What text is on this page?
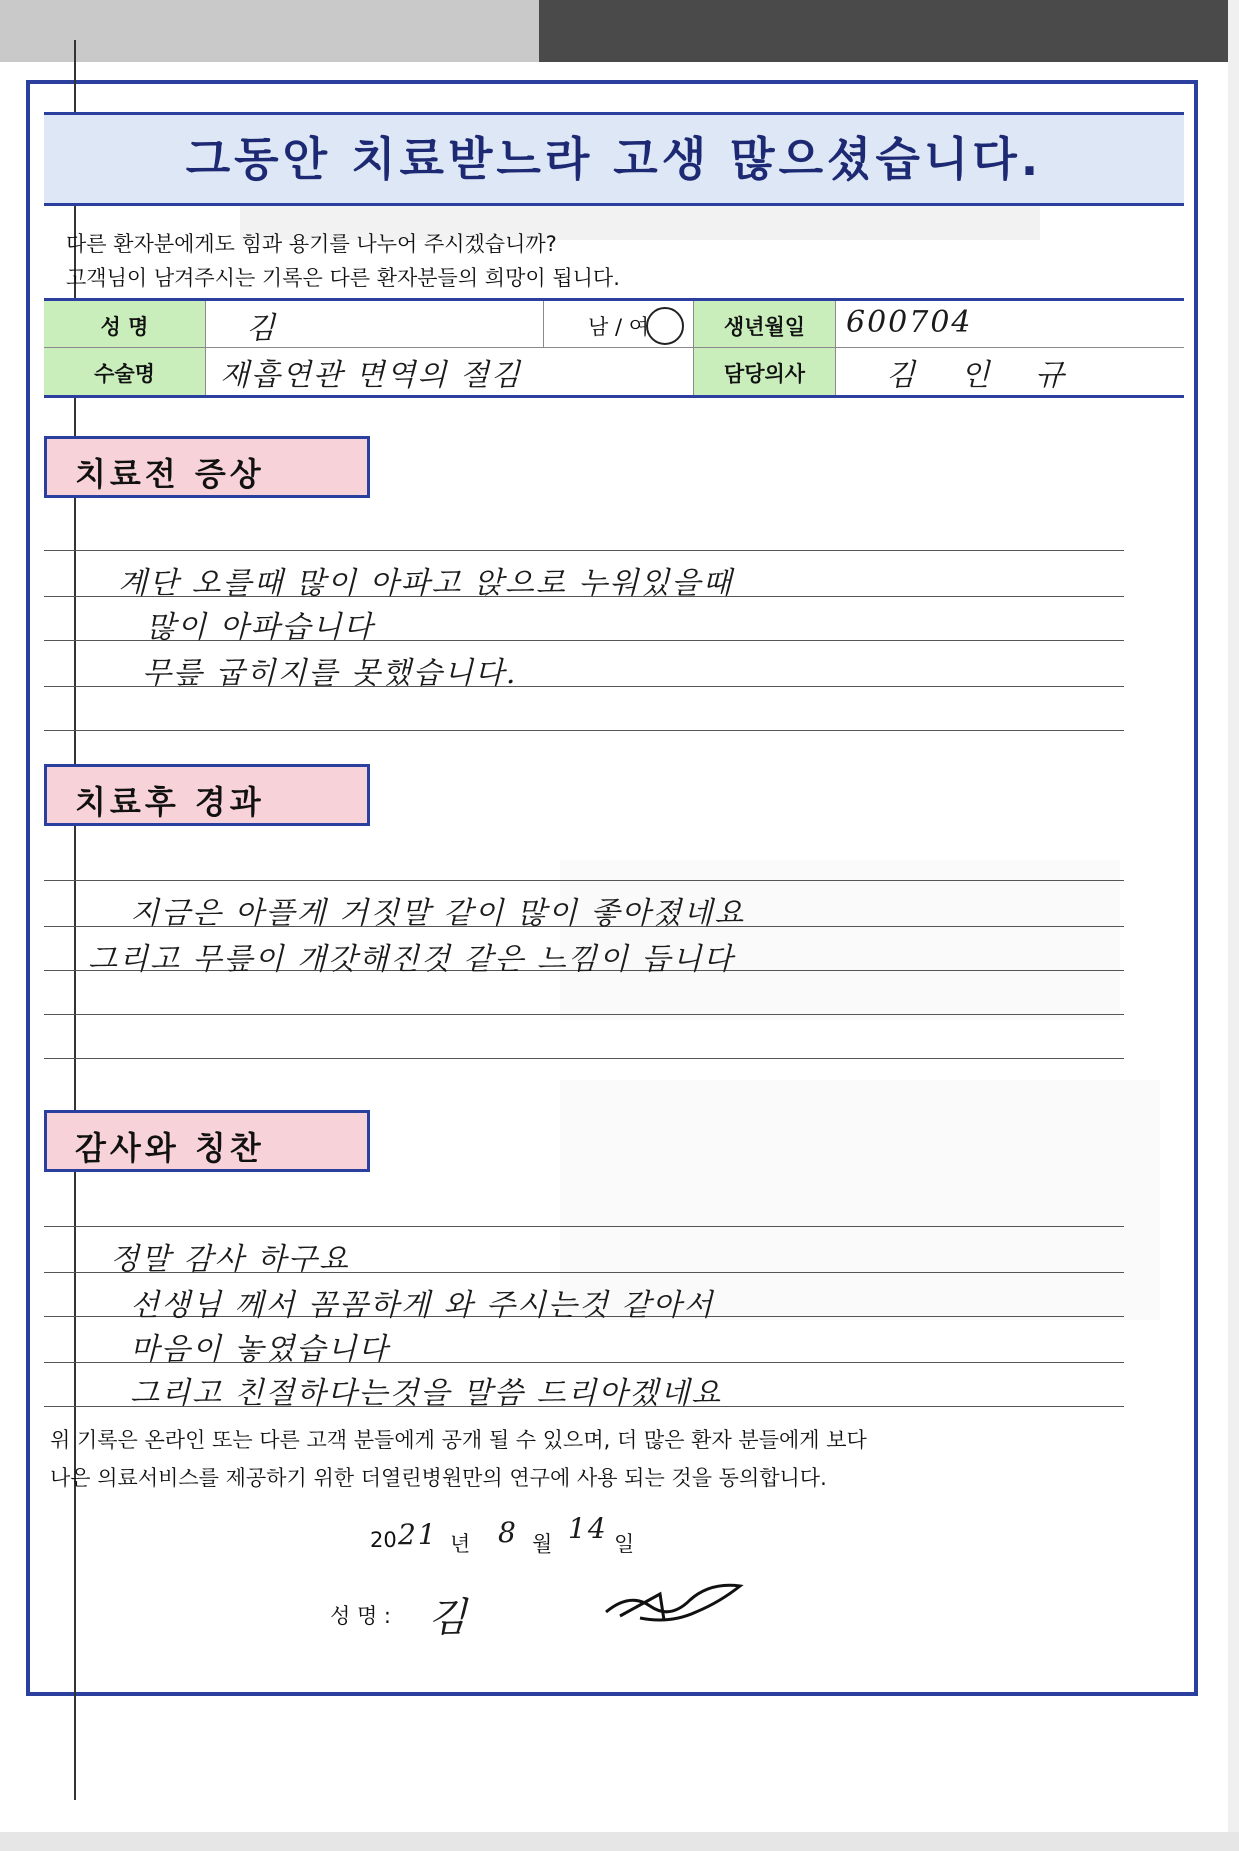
그동안 치료받느라 고생 많으셨습니다.
다른 환자분에게도 힘과 용기를 나누어 주시겠습니까?
고객님이 남겨주시는 기록은 다른 환자분들의 희망이 됩니다.
성 명	김	남 / 여	생년월일	600704
수술명	재흡연관 면역의 절김	담당의사	김 인 규
치료전 증상
계단 오를때 많이 아파고 앉으로 누워있을때
많이 아파습니다
무릎 굽히지를 못했습니다.
치료후 경과
지금은 아플게 거짓말 같이 많이 좋아졌네요
그리고 무릎이 개갓해진것 같은 느낌이 듭니다
감사와 칭찬
정말 감사 하구요
선생님 께서 꼼꼼하게 와 주시는것 같아서
마음이 놓였습니다
그리고 친절하다는것을 말씀 드리아겠네요
위 기록은 온라인 또는 다른 고객 분들에게 공개 될 수 있으며, 더 많은 환자 분들에게 보다
나은 의료서비스를 제공하기 위한 더열린병원만의 연구에 사용 되는 것을 동의합니다.
20 21 년 8 월 14 일
성 명 : 김
